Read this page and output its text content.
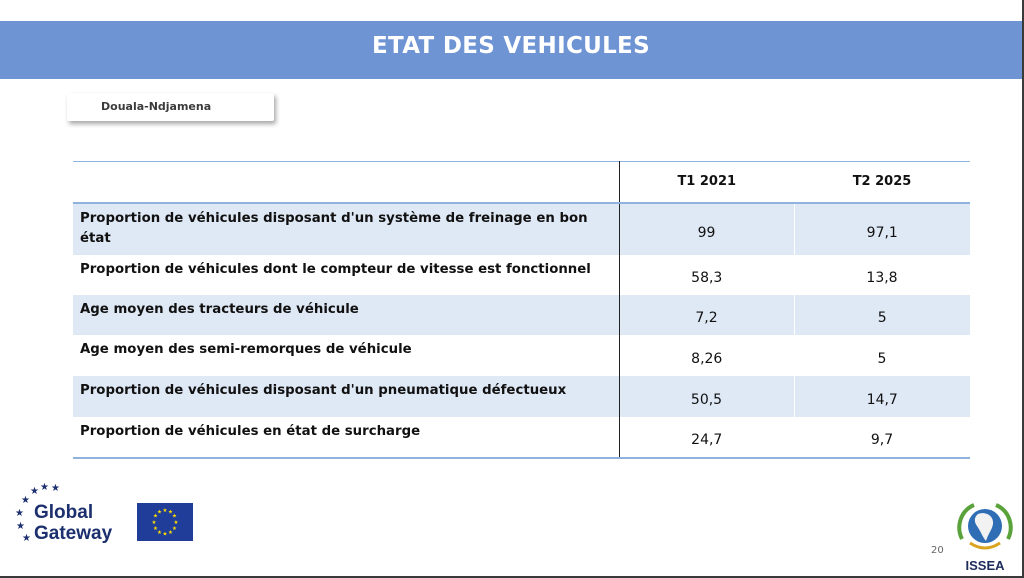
ETAT DES VEHICULES
Douala-Ndjamena
	T1 2021	T2 2025
Proportion de véhicules disposant d'un système de freinage en bon état	99	97,1
Proportion de véhicules dont le compteur de vitesse est fonctionnel	58,3	13,8
Age moyen des tracteurs de véhicule	7,2	5
Age moyen des semi-remorques de véhicule	8,26	5
Proportion de véhicules disposant d'un pneumatique défectueux	50,5	14,7
Proportion de véhicules en état de surcharge	24,7	9,7
★ ★ ★
★
★
★
★
Global
Gateway
★ ★
★
★
★
★
★
★
★
★
★
★
ISSEA
20
